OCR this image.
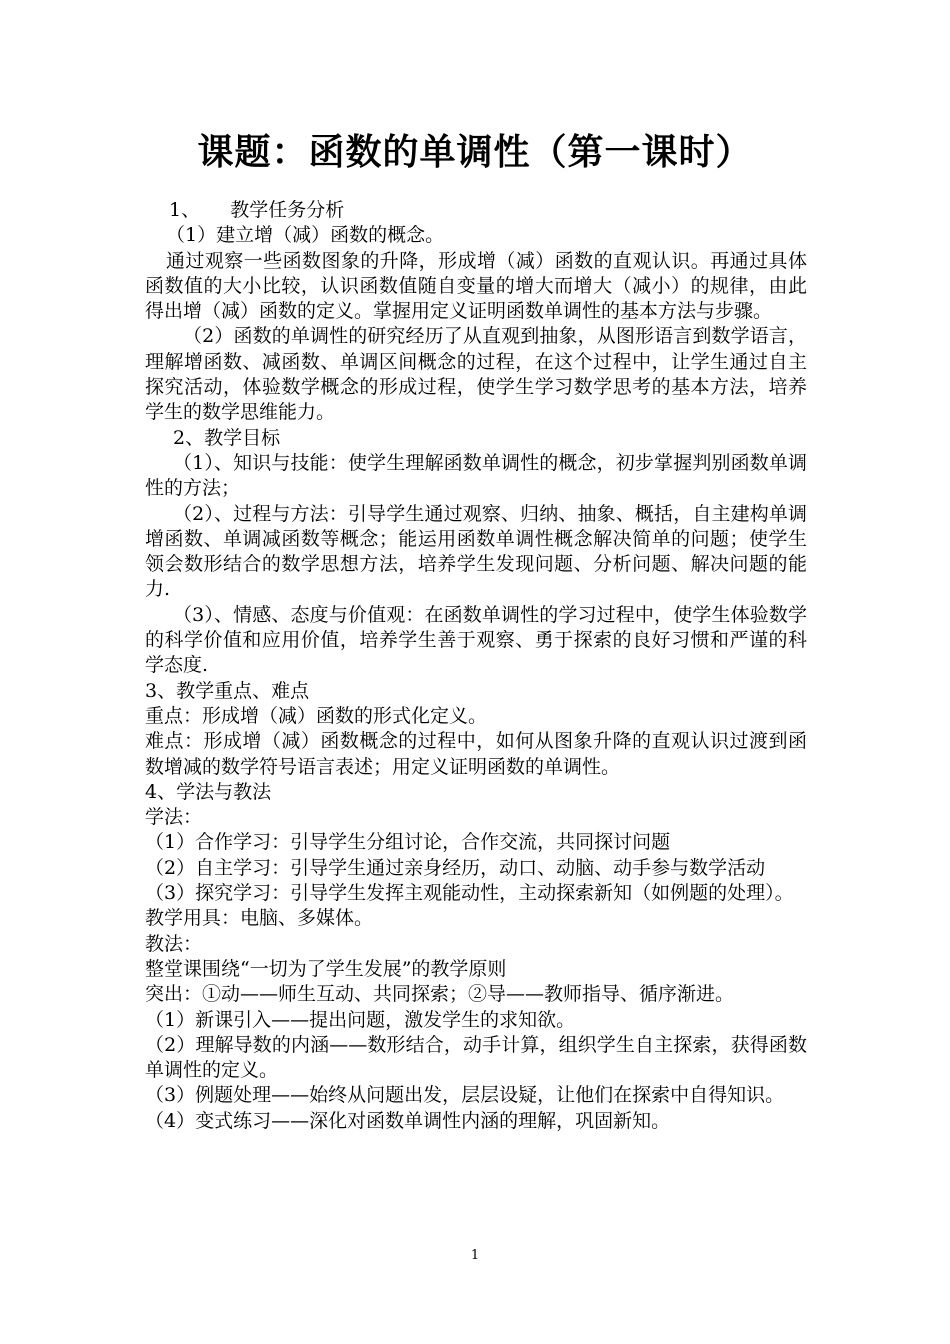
课题：函数的单调性（第一课时）

1、     教学任务分析

（1）建立增（减）函数的概念。

通过观察一些函数图象的升降，形成增（减）函数的直观认识。再通过具体函数值的大小比较，认识函数值随自变量的增大而增大（减小）的规律，由此得出增（减）函数的定义。掌握用定义证明函数单调性的基本方法与步骤。

（2）函数的单调性的研究经历了从直观到抽象，从图形语言到数学语言，理解增函数、减函数、单调区间概念的过程，在这个过程中，让学生通过自主探究活动，体验数学概念的形成过程，使学生学习数学思考的基本方法，培养学生的数学思维能力。

2、教学目标

（1）、知识与技能：使学生理解函数单调性的概念，初步掌握判别函数单调性的方法；

（2）、过程与方法：引导学生通过观察、归纳、抽象、概括，自主建构单调增函数、单调减函数等概念；能运用函数单调性概念解决简单的问题；使学生领会数形结合的数学思想方法，培养学生发现问题、分析问题、解决问题的能力.

（3）、情感、态度与价值观：在函数单调性的学习过程中，使学生体验数学的科学价值和应用价值，培养学生善于观察、勇于探索的良好习惯和严谨的科学态度.

3、教学重点、难点

重点：形成增（减）函数的形式化定义。

难点：形成增（减）函数概念的过程中，如何从图象升降的直观认识过渡到函数增减的数学符号语言表述；用定义证明函数的单调性。

4、学法与教法

学法：

（1）合作学习：引导学生分组讨论，合作交流，共同探讨问题

（2）自主学习：引导学生通过亲身经历，动口、动脑、动手参与数学活动

（3）探究学习：引导学生发挥主观能动性，主动探索新知（如例题的处理）。

教学用具：电脑、多媒体。

教法：

整堂课围绕“一切为了学生发展”的教学原则

突出：①动——师生互动、共同探索；②导——教师指导、循序渐进。

（1）新课引入——提出问题，激发学生的求知欲。

（2）理解导数的内涵——数形结合，动手计算，组织学生自主探索，获得函数单调性的定义。

（3）例题处理——始终从问题出发，层层设疑，让他们在探索中自得知识。

（4）变式练习——深化对函数单调性内涵的理解，巩固新知。

1
